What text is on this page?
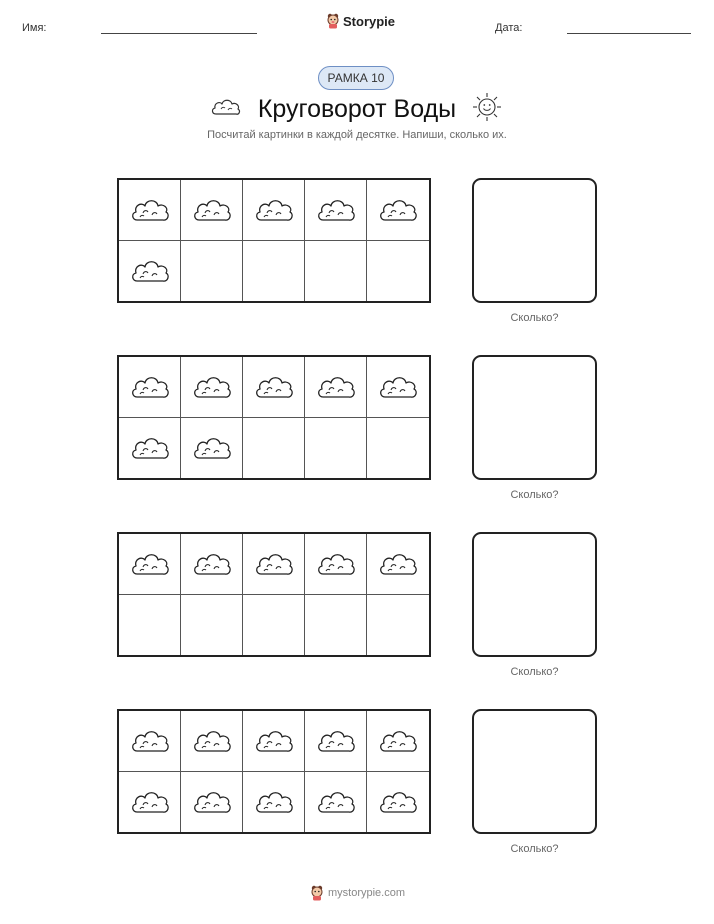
Имя:	Storypie	Дата:
РАМКА 10
Круговорот Воды
Посчитай картинки в каждой десятке. Напиши, сколько их.
Сколько?
Сколько?
Сколько?
Сколько?
mystorypie.com
